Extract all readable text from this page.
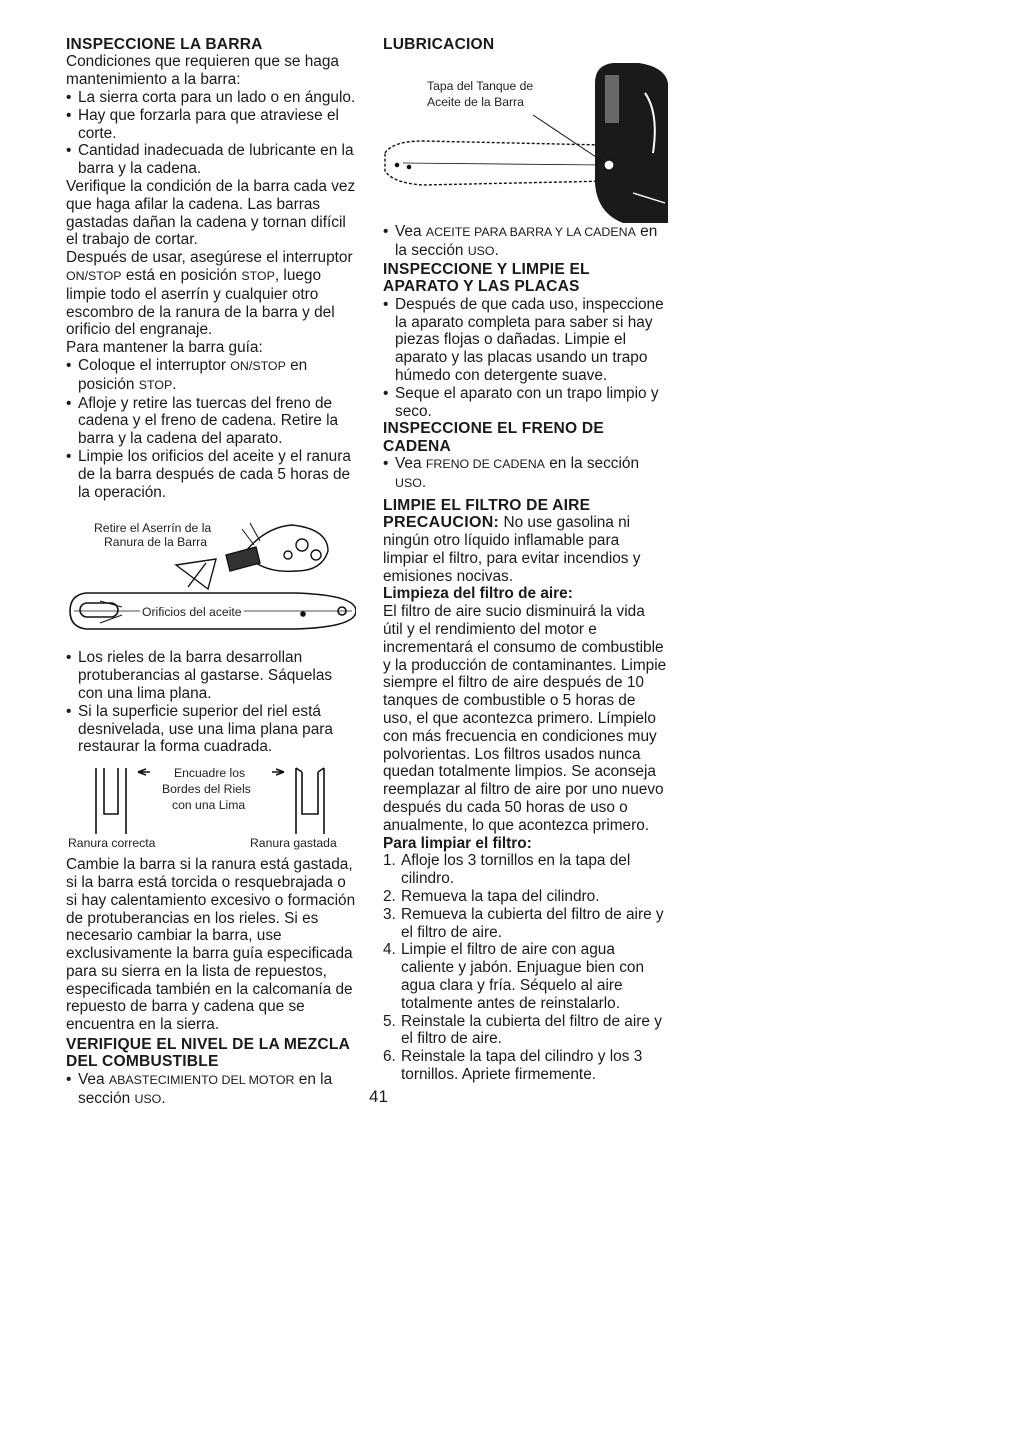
INSPECCIONE LA BARRA

Condiciones que requieren que se haga mantenimiento a la barra:

• La sierra corta para un lado o en ángulo.
• Hay que forzarla para que atraviese el corte.
• Cantidad inadecuada de lubricante en la barra y la cadena.

Verifique la condición de la barra cada vez que haga afilar la cadena. Las barras gastadas dañan la cadena y tornan difícil el trabajo de cortar.

Después de usar, asegúrese el interruptor ON/STOP está en posición STOP, luego limpie todo el aserrín y cualquier otro escombro de la ranura de la barra y del orificio del engranaje.

Para mantener la barra guía:

• Coloque el interruptor ON/STOP en posición STOP.
• Afloje y retire las tuercas del freno de cadena y el freno de cadena. Retire la barra y la cadena del aparato.
• Limpie los orificios del aceite y el ranura de la barra después de cada 5 horas de la operación.
Retire el Aserrín de la
Ranura de la Barra
Orificios del aceite
• Los rieles de la barra desarrollan protuberancias al gastarse. Sáquelas con una lima plana.
• Si la superficie superior del riel está desnivelada, use una lima plana para restaurar la forma cuadrada.
Encuadre los
Bordes del Riels
con una Lima
Ranura correcta	Ranura gastada

Cambie la barra si la ranura está gastada, si la barra está torcida o resquebrajada o si hay calentamiento excesivo o formación de protuberancias en los rieles. Si es necesario cambiar la barra, use exclusivamente la barra guía especificada para su sierra en la lista de repuestos, especificada también en la calcomanía de repuesto de barra y cadena que se encuentra en la sierra.

VERIFIQUE EL NIVEL DE LA MEZCLA DEL COMBUSTIBLE
• Vea ABASTECIMIENTO DEL MOTOR en la sección USO.
LUBRICACION
Tapa del Tanque de
Aceite de la Barra
• Vea ACEITE PARA BARRA Y LA CADENA en la sección USO.
INSPECCIONE Y LIMPIE EL APARATO Y LAS PLACAS
• Después de que cada uso, inspeccione la aparato completa para saber si hay piezas flojas o dañadas. Limpie el aparato y las placas usando un trapo húmedo con detergente suave.
• Seque el aparato con un trapo limpio y seco.
INSPECCIONE EL FRENO DE CADENA
• Vea FRENO DE CADENA en la sección USO.
LIMPIE EL FILTRO DE AIRE

PRECAUCION: No use gasolina ni ningún otro líquido inflamable para limpiar el filtro, para evitar incendios y emisiones nocivas.

Limpieza del filtro de aire:

El filtro de aire sucio disminuirá la vida útil y el rendimiento del motor e incrementará el consumo de combustible y la producción de contaminantes. Limpie siempre el filtro de aire después de 10 tanques de combustible o 5 horas de uso, el que acontezca primero. Límpielo con más frecuencia en condiciones muy polvorientas. Los filtros usados nunca quedan totalmente limpios. Se aconseja reemplazar al filtro de aire por uno nuevo después du cada 50 horas de uso o anualmente, lo que acontezca primero.

Para limpiar el filtro:

1. Afloje los 3 tornillos en la tapa del cilindro.
2. Remueva la tapa del cilindro.
3. Remueva la cubierta del filtro de aire y el filtro de aire.
4. Limpie el filtro de aire con agua caliente y jabón. Enjuague bien con agua clara y fría. Séquelo al aire totalmente antes de reinstalarlo.
5. Reinstale la cubierta del filtro de aire y el filtro de aire.
6. Reinstale la tapa del cilindro y los 3 tornillos. Apriete firmemente.
41
